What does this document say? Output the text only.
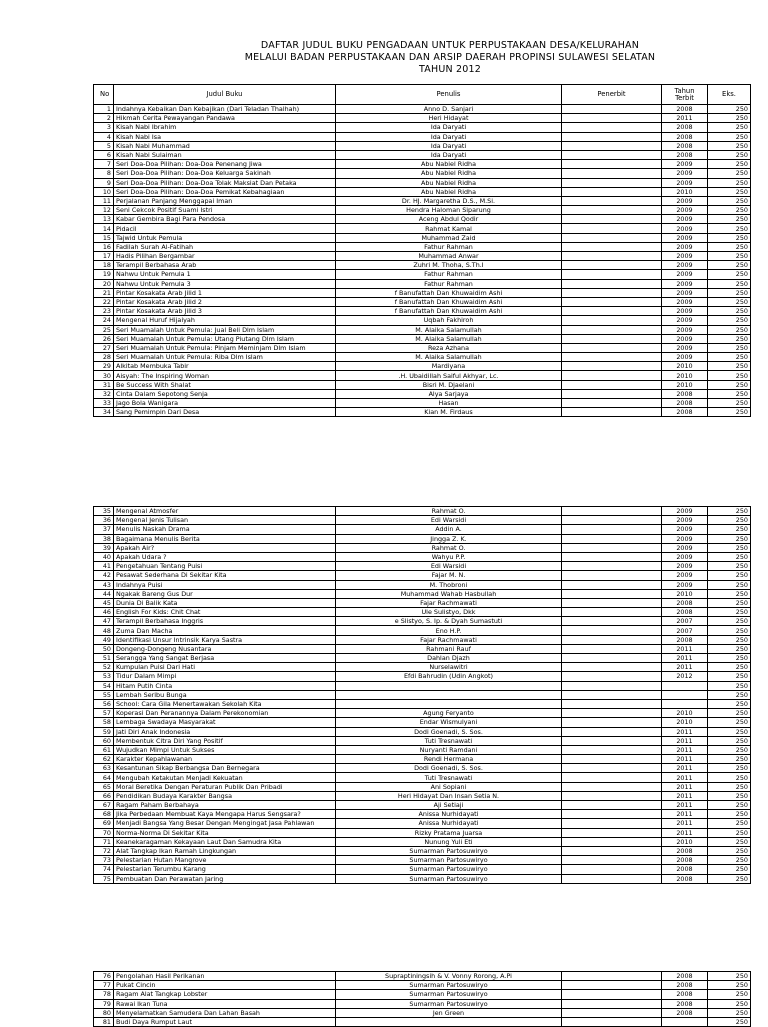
DAFTAR JUDUL BUKU PENGADAAN UNTUK PERPUSTAKAAN DESA/KELURAHAN
MELALUI BADAN PERPUSTAKAAN DAN ARSIP DAERAH PROPINSI SULAWESI SELATAN
TAHUN 2012
No	Judul Buku	Penulis	Penerbit	Tahun Terbit	Eks.
1	Indahnya Kebaikan Dan Kebajikan (Dari Teladan Thalhah)	Anno D. Sanjari		2008	250
2	Hikmah Cerita Pewayangan Pandawa	Heri Hidayat		2011	250
3	Kisah Nabi Ibrahim	Ida Daryati		2008	250
4	Kisah Nabi Isa	Ida Daryati		2008	250
5	Kisah Nabi Muhammad	Ida Daryati		2008	250
6	Kisah Nabi Sulaiman	Ida Daryati		2008	250
7	Seri Doa-Doa Pilihan: Doa-Doa Penenang Jiwa	Abu Nabiel Ridha		2009	250
8	Seri Doa-Doa Pilihan: Doa-Doa Keluarga Sakinah	Abu Nabiel Ridha		2009	250
9	Seri Doa-Doa Pilihan: Doa-Doa Tolak Maksiat Dan Petaka	Abu Nabiel Ridha		2009	250
10	Seri Doa-Doa Pilihan: Doa-Doa Pemikat Kebahagiaan	Abu Nabiel Ridha		2010	250
11	Perjalanan Panjang Menggapai Iman	Dr. HJ. Margaretha D.S., M.Si.		2009	250
12	Seni Cekcok Positif Suami Istri	Hendra Haloman Siparung		2009	250
13	Kabar Gembira Bagi Para Pendosa	Aceng Abdul Qodir		2009	250
14	Pidacil	Rahmat Kamal		2009	250
15	Tajwid Untuk Pemula	Muhammad Zaid		2009	250
16	Fadilah Surah Al-Fatihah	Fathur Rahman		2009	250
17	Hadis Pilihan Bergambar	Muhammad Anwar		2009	250
18	Terampil Berbahasa Arab	Zuhri M. Thoha, S.Th.I		2009	250
19	Nahwu Untuk Pemula 1	Fathur Rahman		2009	250
20	Nahwu Untuk Pemula 3	Fathur Rahman		2009	250
21	Pintar Kosakata Arab Jilid 1	f Banufattah Dan Khuwaidim Ashi		2009	250
22	Pintar Kosakata Arab Jilid 2	f Banufattah Dan Khuwaidim Ashi		2009	250
23	Pintar Kosakata Arab Jilid 3	f Banufattah Dan Khuwaidim Ashi		2009	250
24	Mengenal Huruf Hijaiyah	Uqbah Fakhiroh		2009	250
25	Seri Muamalah Untuk Pemula: Jual Beli Dlm Islam	M. Alaika Salamullah		2009	250
26	Seri Muamalah Untuk Pemula: Utang Piutang Dlm Islam	M. Alaika Salamullah		2009	250
27	Seri Muamalah Untuk Pemula: Pinjam Meminjam Dlm Islam	Reza Azhana		2009	250
28	Seri Muamalah Untuk Pemula: Riba Dlm Islam	M. Alaika Salamullah		2009	250
29	Alkitab Membuka Tabir	Mardiyana		2010	250
30	Aisyah: The Inspiring Woman	.H. Ubaidillah Saiful Akhyar, Lc.		2010	250
31	Be Success With Shalat	Bisri M. Djaelani		2010	250
32	Cinta Dalam Sepotong Senja	Alya Sarjaya		2008	250
33	Jago Bola Wanigara	Hasan		2008	250
34	Sang Pemimpin Dari Desa	Kian M. Firdaus		2008	250
35	Mengenal Atmosfer	Rahmat O.		2009	250
36	Mengenal Jenis Tulisan	Edi Warsidi		2009	250
37	Menulis Naskah Drama	Addin A.		2009	250
38	Bagaimana Menulis Berita	Jingga Z. K.		2009	250
39	Apakah Air?	Rahmat O.		2009	250
40	Apakah Udara ?	Wahyu P.P.		2009	250
41	Pengetahuan Tentang Puisi	Edi Warsidi		2009	250
42	Pesawat Sederhana Di Sekitar Kita	Fajar M. N.		2009	250
43	Indahnya Puisi	M. Thobroni		2009	250
44	Ngakak Bareng Gus Dur	Muhammad Wahab Hasbullah		2010	250
45	Dunia Di Balik Kata	Fajar Rachmawati		2008	250
46	English For Kids: Chit Chat	Ule Sulistyo, Dkk		2008	250
47	Terampil Berbahasa Inggris	e Slistyo, S. Ip. & Dyah Sumastuti		2007	250
48	Zuma Dan Macha	Eno H.P.		2007	250
49	Identifikasi Unsur Intrinsik Karya Sastra	Fajar Rachmawati		2008	250
50	Dongeng-Dongeng Nusantara	Rahmani Rauf		2011	250
51	Serangga Yang Sangat Berjasa	Dahlan Djazh		2011	250
52	Kumpulan Puisi Dari Hati	Nurselawitri		2011	250
53	Tidur Dalam Mimpi	Efdi Bahrudin (Udin Angkot)		2012	250
54	Hitam Putih Cinta				250
55	Lembah Seribu Bunga				250
56	School: Cara Gila Menertawakan Sekolah Kita				250
57	Koperasi Dan Peranannya Dalam Perekonomian	Agung Feryanto		2010	250
58	Lembaga Swadaya Masyarakat	Endar Wismulyani		2010	250
59	Jati Diri Anak Indonesia	Dodi Goenadi, S. Sos.		2011	250
60	Membentuk Citra Diri Yang Positif	Tuti Tresnawati		2011	250
61	Wujudkan Mimpi Untuk Sukses	Nuryanti Ramdani		2011	250
62	Karakter Kepahlawanan	Rendi Hermana		2011	250
63	Kesantunan Sikap Berbangsa Dan Bernegara	Dodi Goenadi, S. Sos.		2011	250
64	Mengubah Ketakutan Menjadi Kekuatan	Tuti Tresnawati		2011	250
65	Moral Beretika Dengan Peraturan Publik Dan Pribadi	Ani Sopiani		2011	250
66	Pendidikan Budaya Karakter Bangsa	Heri Hidayat Dan Insan Setia N.		2011	250
67	Ragam Paham Berbahaya	Aji Setiaji		2011	250
68	Jika Perbedaan Membuat Kaya Mengapa Harus Sengsara?	Anissa Nurhidayati		2011	250
69	Menjadi Bangsa Yang Besar Dengan Mengingat Jasa Pahlawan	Anissa Nurhidayati		2011	250
70	Norma-Norma Di Sekitar Kita	Rizky Pratama Juarsa		2011	250
71	Keanekaragaman Kekayaan Laut Dan Samudra Kita	Nunung Yuli Eti		2010	250
72	Alat Tangkap Ikan Ramah Lingkungan	Sumarman Partosuwiryo		2008	250
73	Pelestarian Hutan Mangrove	Sumarman Partosuwiryo		2008	250
74	Pelestarian Terumbu Karang	Sumarman Partosuwiryo		2008	250
75	Pembuatan Dan Perawatan Jaring	Sumarman Partosuwiryo		2008	250
76	Pengolahan Hasil Perikanan	Supraptiningsih & V. Vonny Rorong, A.Pi		2008	250
77	Pukat Cincin	Sumarman Partosuwiryo		2008	250
78	Ragam Alat Tangkap Lobster	Sumarman Partosuwiryo		2008	250
79	Rawai Ikan Tuna	Sumarman Partosuwiryo		2008	250
80	Menyelamatkan Samudera Dan Lahan Basah	Jen Green		2008	250
81	Budi Daya Rumput Laut				250
